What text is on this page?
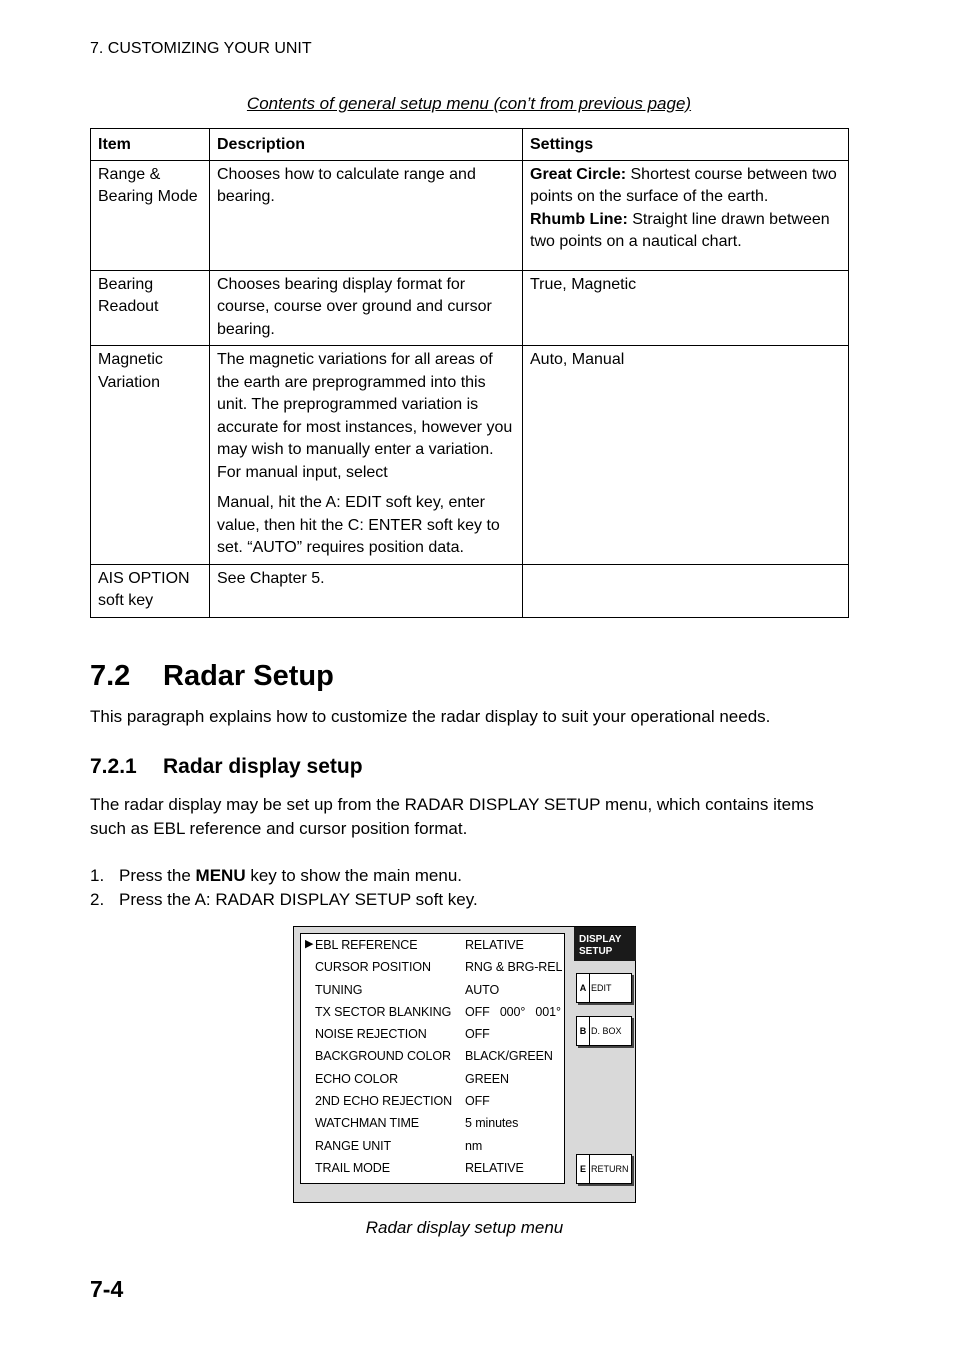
7. CUSTOMIZING YOUR UNIT
Contents of general setup menu (con’t from previous page)
Item	Description	Settings
Range & Bearing Mode	Chooses how to calculate range and bearing.	Great Circle: Shortest course between two points on the surface of the earth.
Rhumb Line: Straight line drawn between two points on a nautical chart.
Bearing Readout	Chooses bearing display format for course, course over ground and cursor bearing.	True, Magnetic
Magnetic Variation	The magnetic variations for all areas of the earth are preprogrammed into this unit. The preprogrammed variation is accurate for most instances, however you may wish to manually enter a variation. For manual input, select
Manual, hit the A: EDIT soft key, enter value, then hit the C: ENTER soft key to set. “AUTO” requires position data.	Auto, Manual
AIS OPTION soft key	See Chapter 5.	
7.2 Radar Setup
This paragraph explains how to customize the radar display to suit your operational needs.
7.2.1 Radar display setup
The radar display may be set up from the RADAR DISPLAY SETUP menu, which contains items such as EBL reference and cursor position format.
1. Press the MENU key to show the main menu.
2. Press the A: RADAR DISPLAY SETUP soft key.
▶ EBL REFERENCE	RELATIVE
CURSOR POSITION	RNG & BRG-REL
TUNING	AUTO
TX SECTOR BLANKING OFF   000°   001°
NOISE REJECTION	OFF
BACKGROUND COLOR BLACK/GREEN
ECHO COLOR	GREEN
2ND ECHO REJECTION OFF
WATCHMAN TIME	5 minutes
RANGE UNIT	nm
TRAIL MODE	RELATIVE
DISPLAY
SETUP
A EDIT
B D. BOX
E RETURN
Radar display setup menu
7-4
